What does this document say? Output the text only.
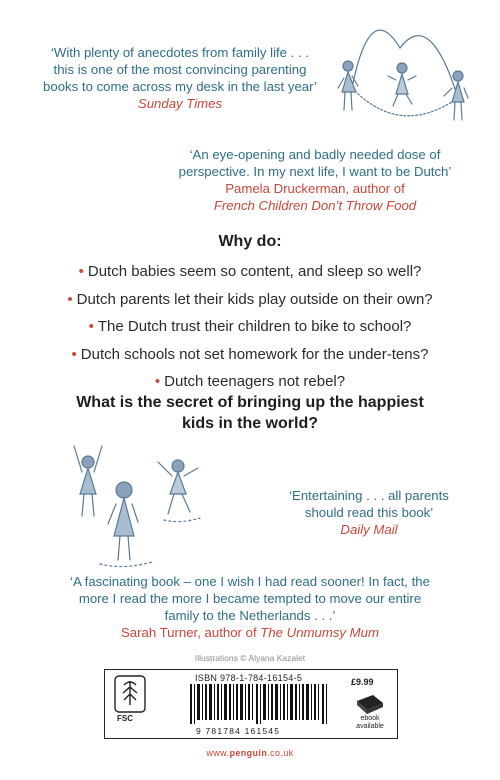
‘With plenty of anecdotes from family life . . .
this is one of the most convincing parenting
books to come across my desk in the last year’
Sunday Times
‘An eye-opening and badly needed dose of
perspective. In my next life, I want to be Dutch’
Pamela Druckerman, author of
French Children Don’t Throw Food
Why do:
• Dutch babies seem so content, and sleep so well?
• Dutch parents let their kids play outside on their own?
• The Dutch trust their children to bike to school?
• Dutch schools not set homework for the under-tens?
• Dutch teenagers not rebel?
What is the secret of bringing up the happiest
kids in the world?
‘Entertaining . . . all parents
should read this book’
Daily Mail
‘A fascinating book – one I wish I had read sooner! In fact, the
more I read the more I became tempted to move our entire
family to the Netherlands . . .’
Sarah Turner, author of The Unmumsy Mum
Illustrations © Alyana Kazalet
FSC
ISBN 978-1-784-16154-5
9 781784 161545
£9.99
ebook available
www.penguin.co.uk
